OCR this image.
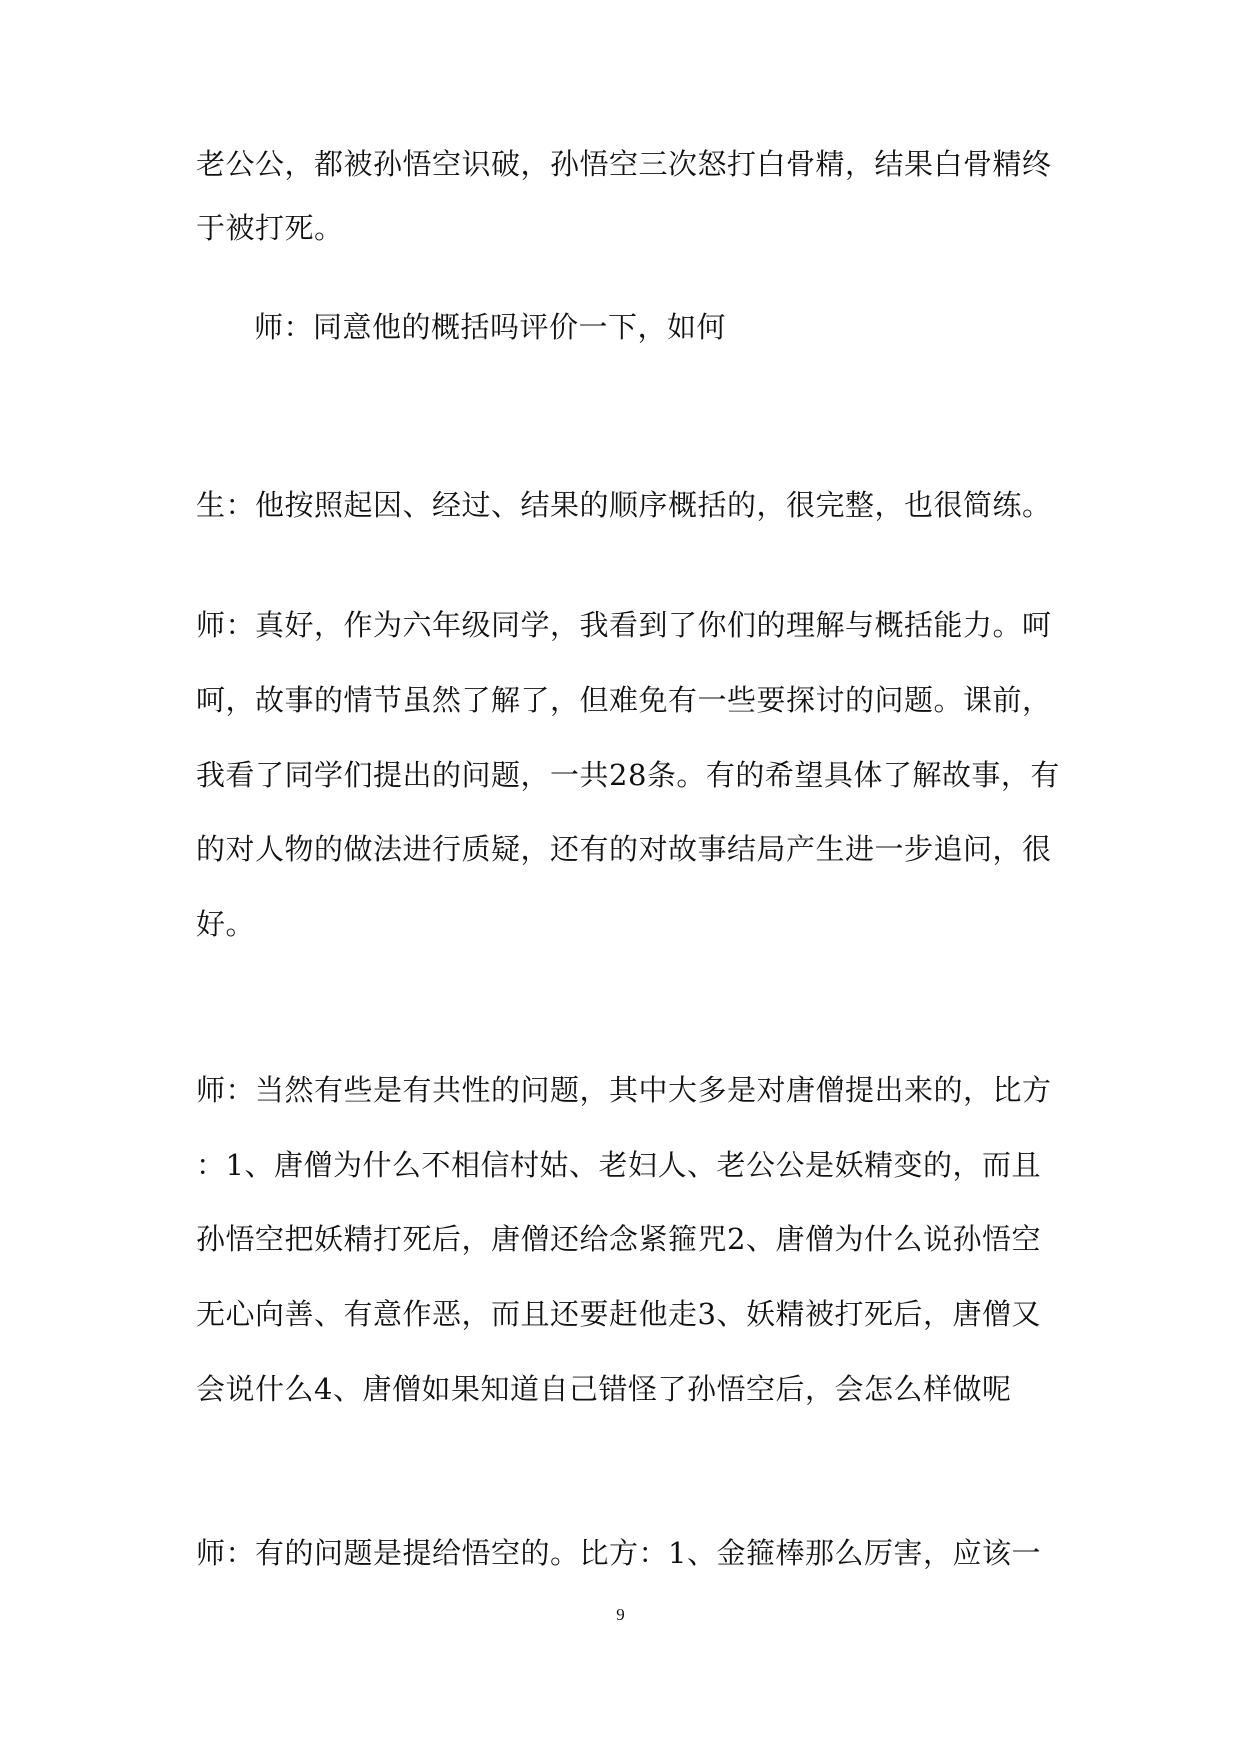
老公公，都被孙悟空识破，孙悟空三次怒打白骨精，结果白骨精终
于被打死。
师：同意他的概括吗评价一下，如何
生：他按照起因、经过、结果的顺序概括的，很完整，也很简练。
师：真好，作为六年级同学，我看到了你们的理解与概括能力。呵
呵，故事的情节虽然了解了，但难免有一些要探讨的问题。课前，
我看了同学们提出的问题，一共28条。有的希望具体了解故事，有
的对人物的做法进行质疑，还有的对故事结局产生进一步追问，很
好。
师：当然有些是有共性的问题，其中大多是对唐僧提出来的，比方
：1、唐僧为什么不相信村姑、老妇人、老公公是妖精变的，而且
孙悟空把妖精打死后，唐僧还给念紧箍咒2、唐僧为什么说孙悟空
无心向善、有意作恶，而且还要赶他走3、妖精被打死后，唐僧又
会说什么4、唐僧如果知道自己错怪了孙悟空后，会怎么样做呢
师：有的问题是提给悟空的。比方：1、金箍棒那么厉害，应该一
9
